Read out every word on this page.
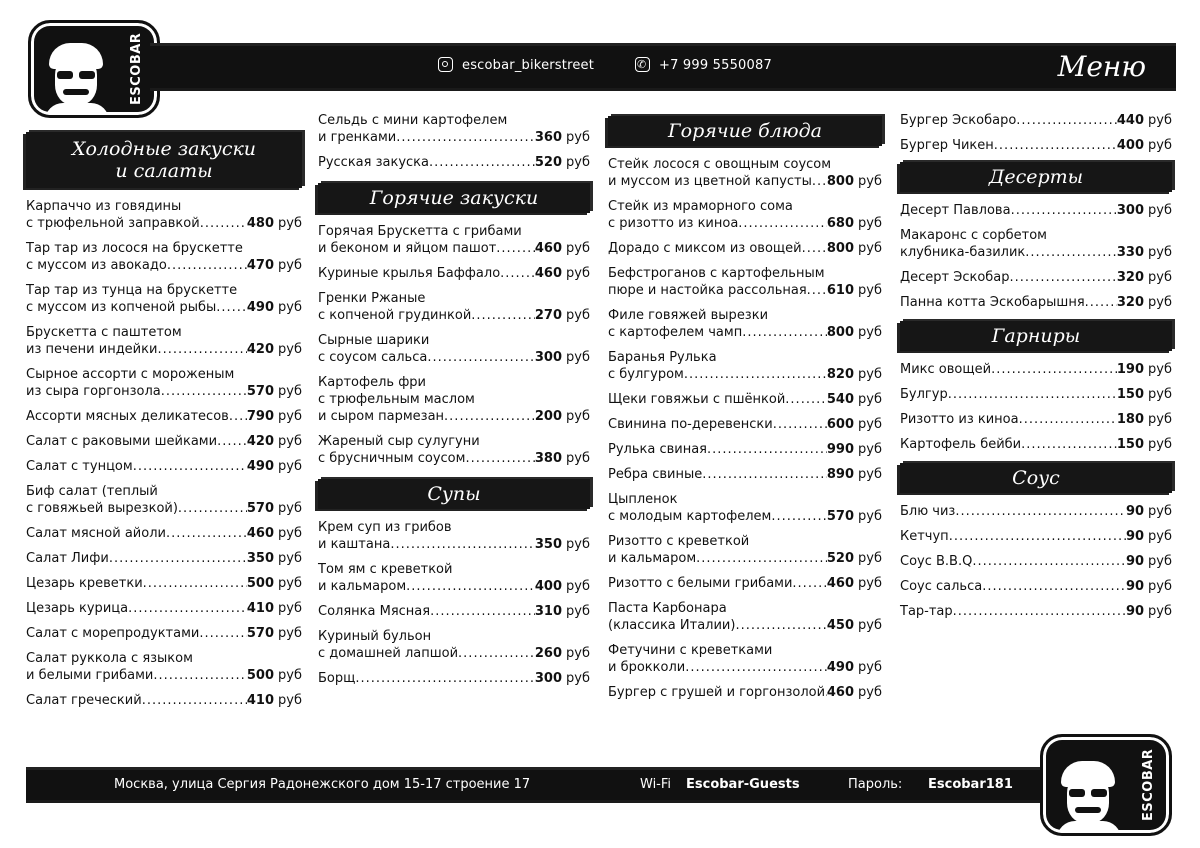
ESCOBAR	escobar_bikerstreet ✆	+7 999 5550087	Меню
Холодные закуски
и салаты
Карпаччо из говядины
с трюфельной заправкой .....	480 руб
Тар тар из лосося на брускетте
с муссом из авокадо .....	470 руб
Тар тар из тунца на брускетте
с муссом из копченой рыбы ..... 490 руб
Брускетта с паштетом
из печени индейки .....	420 руб
Сырное ассорти с мороженым
из сыра горгонзола .....	570 руб
Ассорти мясных деликатесов ..... 790 руб
Салат с раковыми шейками ..... 420 руб
Салат с тунцом .....	490 руб
Биф салат (теплый
с говяжьей вырезкой) .....	570 руб
Салат мясной айоли .....	460 руб
Салат Лифи .....	350 руб
Цезарь креветки .....	500 руб
Цезарь курица .....	410 руб
Салат с морепродуктами .....	570 руб
Салат руккола с языком
и белыми грибами .....	500 руб
Салат греческий .....	410 руб
Сельдь с мини картофелем
и гренками .....	360 руб
Русская закуска .....	520 руб
Горячие закуски
Горячая Брускетта с грибами
и беконом и яйцом пашот .....	460 руб
Куриные крылья Баффало .....	460 руб
Гренки Ржаные
с копченой грудинкой .....	270 руб
Сырные шарики
с соусом сальса .....	300 руб
Картофель фри
с трюфельным маслом
и сыром пармезан .....	200 руб
Жареный сыр сулугуни
с брусничным соусом .....	380 руб
Супы
Крем суп из грибов
и каштана .....	350 руб
Том ям с креветкой
и кальмаром .....	400 руб
Солянка Мясная .....	310 руб
Куриный бульон
с домашней лапшой .....	260 руб
Борщ .....	300 руб
Горячие блюда
Стейк лосося с овощным соусом
и муссом из цветной капусты ..... 800 руб
Стейк из мраморного сома
с ризотто из киноа .....	680 руб
Дорадо с миксом из овощей ..... 800 руб
Бефстроганов с картофельным
пюре и настойка рассольная ..... 610 руб
Филе говяжей вырезки
с картофелем чамп .....	800 руб
Баранья Рулька
с булгуром .....	820 руб
Щеки говяжьи с пшёнкой .....	540 руб
Свинина по-деревенски .....	600 руб
Рулька свиная .....	990 руб
Ребра свиные .....	890 руб
Цыпленок
с молодым картофелем .....	570 руб
Ризотто с креветкой
и кальмаром .....	520 руб
Ризотто с белыми грибами .....	460 руб
Паста Карбонара
(классика Италии) .....	450 руб
Фетучини с креветками
и брокколи .....	490 руб
Бургер с грушей и горгонзолой ..... 460 руб
Бургер Эскобаро .....	440 руб
Бургер Чикен .....	400 руб
Десерты
Десерт Павлова .....	300 руб
Макаронс с сорбетом
клубника-базилик .....	330 руб
Десерт Эскобар .....	320 руб
Панна котта Эскобарышня ..... 320 руб
Гарниры
Микс овощей .....	190 руб
Булгур .....	150 руб
Ризотто из киноа .....	180 руб
Картофель бейби .....	150 руб
Соус
Блю чиз .....	90 руб
Кетчуп .....	90 руб
Соус B.B.Q .....	90 руб
Соус сальса .....	90 руб
Тар-тар .....	90 руб
Москва, улица Сергия Радонежского дом 15-17 строение 17	Wi-Fi Escobar-Guests	Пароль: Escobar181	ESCOBAR
